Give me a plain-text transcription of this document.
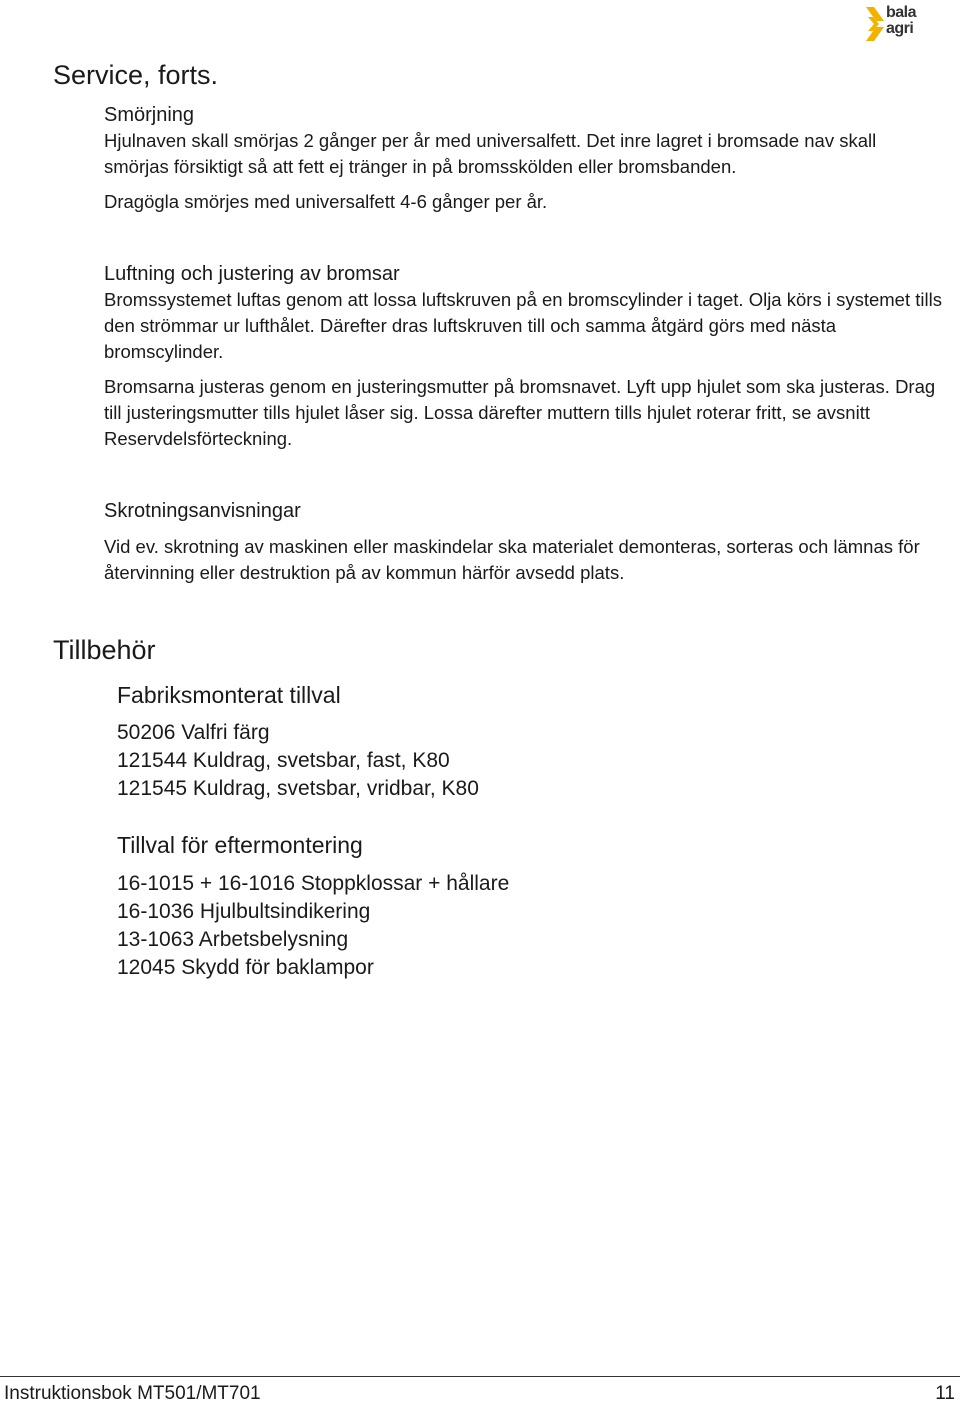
bala
agri
Service, forts.
Smörjning
Hjulnaven skall smörjas 2 gånger per år med universalfett. Det inre lagret i bromsade nav skall smörjas försiktigt så att fett ej tränger in på bromsskölden eller bromsbanden.
Dragögla smörjes med universalfett 4-6 gånger per år.
Luftning och justering av bromsar
Bromssystemet luftas genom att lossa luftskruven på en bromscylinder i taget. Olja körs i systemet tills den strömmar ur lufthålet. Därefter dras luftskruven till och samma åtgärd görs med nästa bromscylinder.
Bromsarna justeras genom en justeringsmutter på bromsnavet. Lyft upp hjulet som ska justeras. Drag till justeringsmutter tills hjulet låser sig. Lossa därefter muttern tills hjulet roterar fritt, se avsnitt Reservdelsförteckning.
Skrotningsanvisningar
Vid ev. skrotning av maskinen eller maskindelar ska materialet demonteras, sorteras och lämnas för återvinning eller destruktion på av kommun härför avsedd plats.
Tillbehör
Fabriksmonterat tillval
50206 Valfri färg
121544 Kuldrag, svetsbar, fast, K80
121545 Kuldrag, svetsbar, vridbar, K80
Tillval för eftermontering
16-1015 + 16-1016 Stoppklossar + hållare
16-1036 Hjulbultsindikering
13-1063 Arbetsbelysning
12045 Skydd för baklampor
Instruktionsbok MT501/MT701	11
